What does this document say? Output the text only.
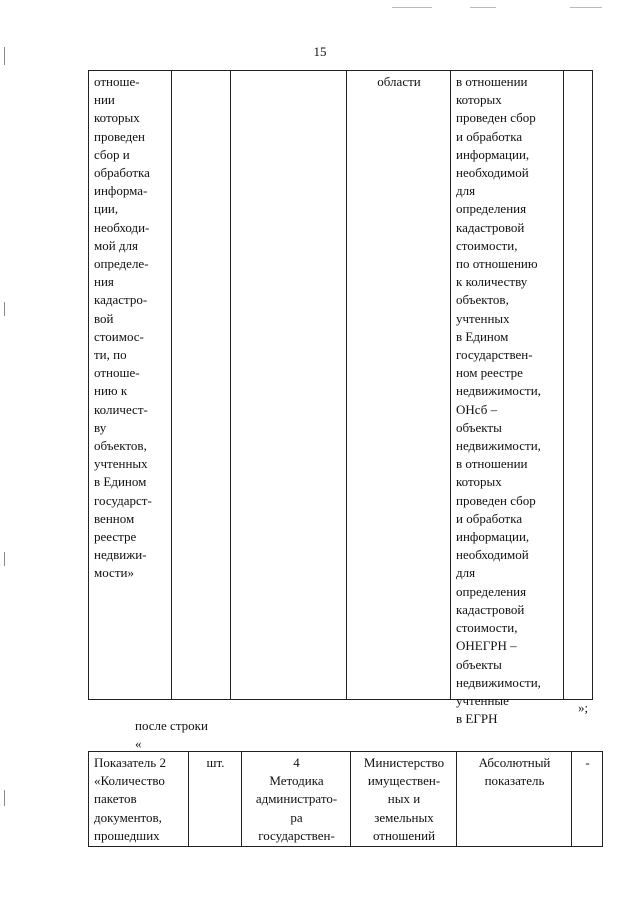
15
отноше-
нии
которых
проведен
сбор и
обработка
информа-
ции,
необходи-
мой для
определе-
ния
кадастро-
вой
стоимос-
ти, по
отноше-
нию к
количест-
ву
объектов,
учтенных
в Едином
государст-
венном
реестре
недвижи-
мости»
области	в отношении
которых
проведен сбор
и обработка
информации,
необходимой
для
определения
кадастровой
стоимости,
по отношению
к количеству
объектов,
учтенных
в Едином
государствен-
ном реестре
недвижимости,
ОНсб –
объекты
недвижимости,
в отношении
которых
проведен сбор
и обработка
информации,
необходимой
для
определения
кадастровой
стоимости,
ОНЕГРН –
объекты
недвижимости,
учтенные
в ЕГРН
»;
после строки
«
Показатель 2
«Количество
пакетов
документов,
прошедших
шт.	4
Методика
администрато-
ра
государствен-
Министерство
имуществен-
ных и
земельных
отношений
Абсолютный
показатель
-
